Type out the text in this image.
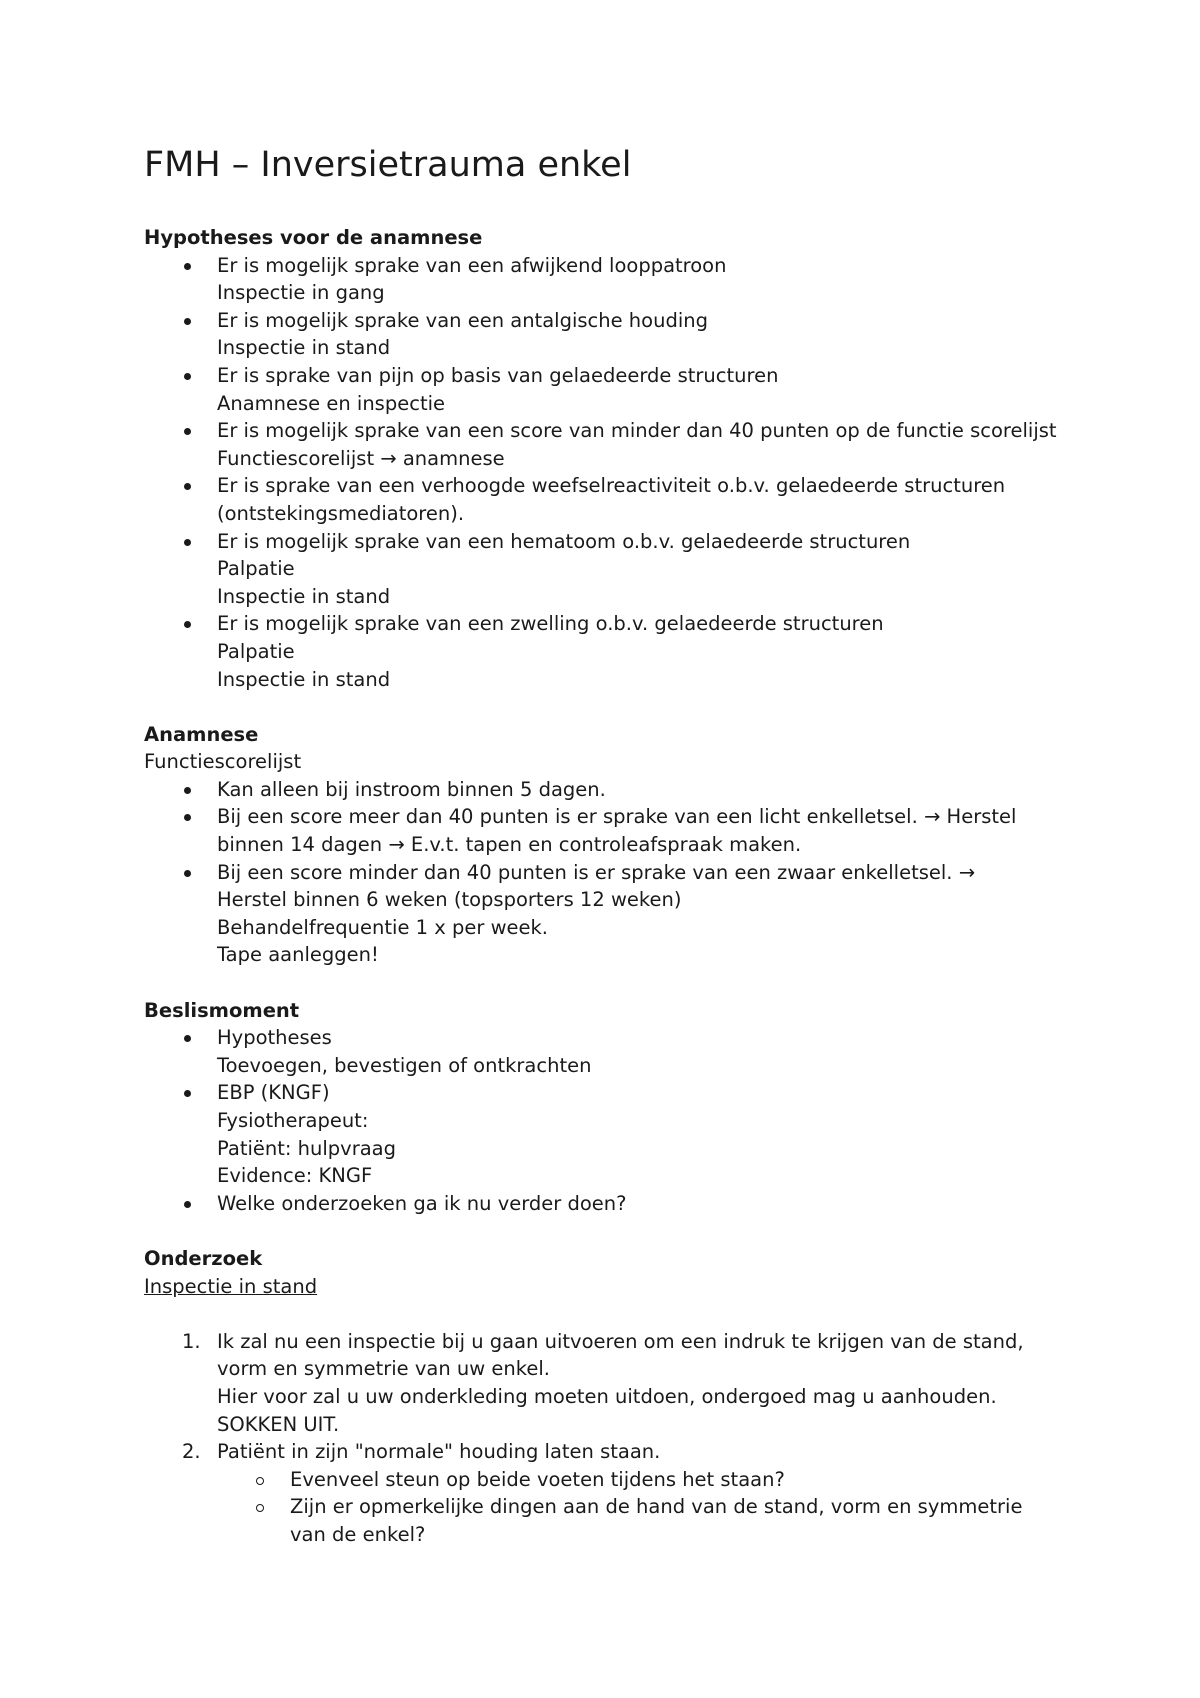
FMH – Inversietrauma enkel
Hypotheses voor de anamnese
Er is mogelijk sprake van een afwijkend looppatroon
Inspectie in gang
Er is mogelijk sprake van een antalgische houding
Inspectie in stand
Er is sprake van pijn op basis van gelaedeerde structuren
Anamnese en inspectie
Er is mogelijk sprake van een score van minder dan 40 punten op de functie scorelijst
Functiescorelijst → anamnese
Er is sprake van een verhoogde weefselreactiviteit o.b.v. gelaedeerde structuren
(ontstekingsmediatoren).
Er is mogelijk sprake van een hematoom o.b.v. gelaedeerde structuren
Palpatie
Inspectie in stand
Er is mogelijk sprake van een zwelling o.b.v. gelaedeerde structuren
Palpatie
Inspectie in stand
Anamnese
Functiescorelijst
Kan alleen bij instroom binnen 5 dagen.
Bij een score meer dan 40 punten is er sprake van een licht enkelletsel. → Herstel
binnen 14 dagen → E.v.t. tapen en controleafspraak maken.
Bij een score minder dan 40 punten is er sprake van een zwaar enkelletsel. →
Herstel binnen 6 weken (topsporters 12 weken)
Behandelfrequentie 1 x per week.
Tape aanleggen!
Beslismoment
Hypotheses
Toevoegen, bevestigen of ontkrachten
EBP (KNGF)
Fysiotherapeut:
Patiënt: hulpvraag
Evidence: KNGF
Welke onderzoeken ga ik nu verder doen?
Onderzoek
Inspectie in stand
1. Ik zal nu een inspectie bij u gaan uitvoeren om een indruk te krijgen van de stand,
vorm en symmetrie van uw enkel.
Hier voor zal u uw onderkleding moeten uitdoen, ondergoed mag u aanhouden.
SOKKEN UIT.
2. Patiënt in zijn "normale" houding laten staan.
Evenveel steun op beide voeten tijdens het staan?
Zijn er opmerkelijke dingen aan de hand van de stand, vorm en symmetrie
van de enkel?
